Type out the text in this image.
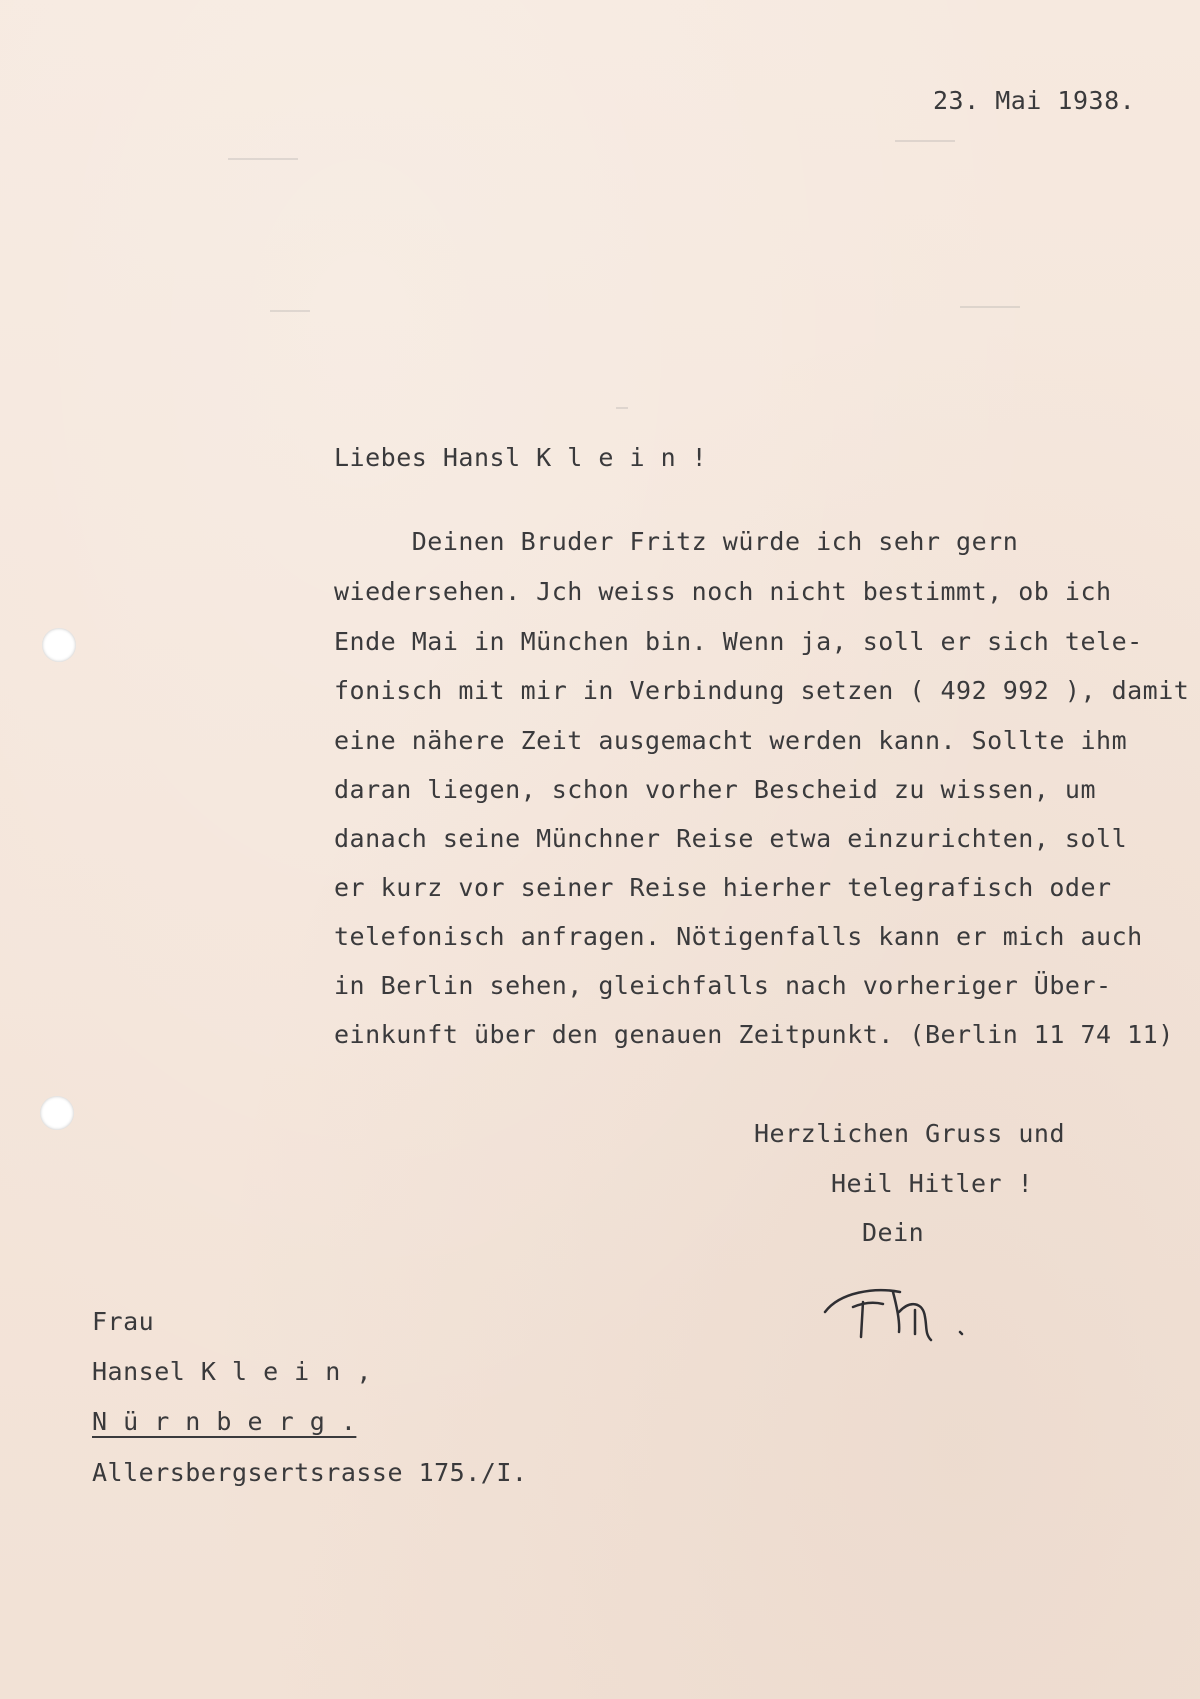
23. Mai 1938.
Liebes Hansl K l e i n !
Deinen Bruder Fritz würde ich sehr gern
wiedersehen. Jch weiss noch nicht bestimmt, ob ich
Ende Mai in München bin. Wenn ja, soll er sich tele-
fonisch mit mir in Verbindung setzen ( 492 992 ), damit
eine nähere Zeit ausgemacht werden kann. Sollte ihm
daran liegen, schon vorher Bescheid zu wissen, um
danach seine Münchner Reise etwa einzurichten, soll
er kurz vor seiner Reise hierher telegrafisch oder
telefonisch anfragen. Nötigenfalls kann er mich auch
in Berlin sehen, gleichfalls nach vorheriger Über-
einkunft über den genauen Zeitpunkt. (Berlin 11 74 11)
Herzlichen Gruss und
Heil Hitler !
Dein
Frau
Hansel K l e i n ,
N ü r n b e r g .
Allersbergsertsrasse 175./I.
